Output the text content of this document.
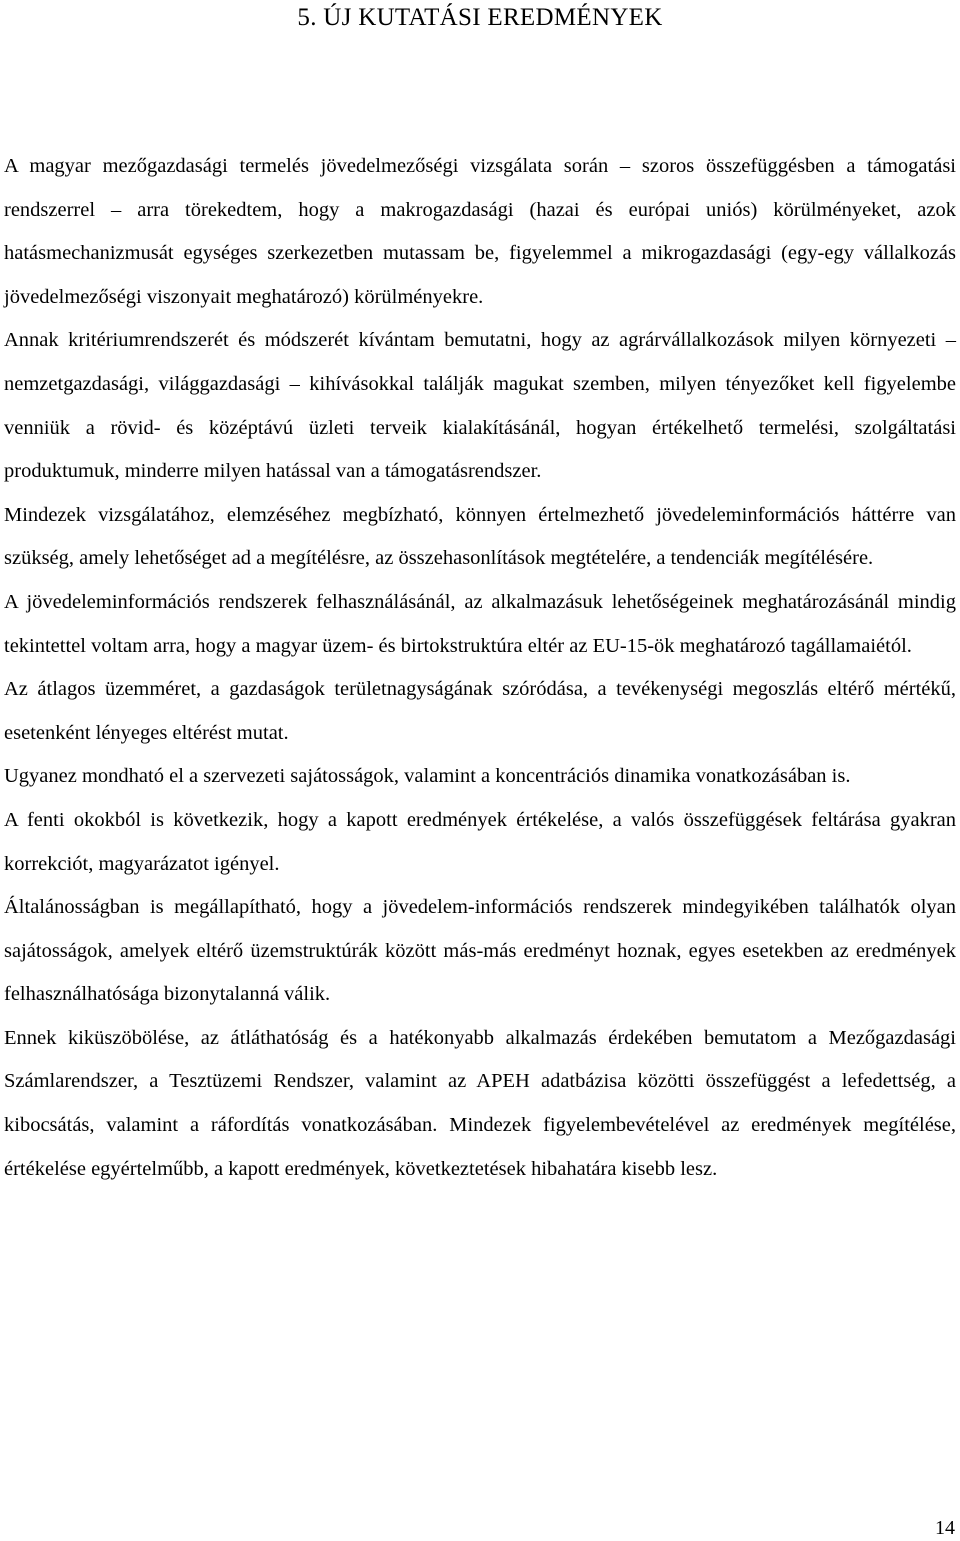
5. ÚJ KUTATÁSI EREDMÉNYEK

A magyar mezőgazdasági termelés jövedelmezőségi vizsgálata során – szoros összefüggésben a támogatási rendszerrel – arra törekedtem, hogy a makrogazdasági (hazai és európai uniós) körülményeket, azok hatásmechanizmusát egységes szerkezetben mutassam be, figyelemmel a mikrogazdasági (egy-egy vállalkozás jövedelmezőségi viszonyait meghatározó) körülményekre.

Annak kritériumrendszerét és módszerét kívántam bemutatni, hogy az agrárvállalkozások milyen környezeti – nemzetgazdasági, világgazdasági – kihívásokkal találják magukat szemben, milyen tényezőket kell figyelembe venniük a rövid- és középtávú üzleti terveik kialakításánál, hogyan értékelhető termelési, szolgáltatási produktumuk, minderre milyen hatással van a támogatásrendszer.

Mindezek vizsgálatához, elemzéséhez megbízható, könnyen értelmezhető jövedeleminformációs háttérre van szükség, amely lehetőséget ad a megítélésre, az összehasonlítások megtételére, a tendenciák megítélésére.

A jövedeleminformációs rendszerek felhasználásánál, az alkalmazásuk lehetőségeinek meghatározásánál mindig tekintettel voltam arra, hogy a magyar üzem- és birtokstruktúra eltér az EU-15-ök meghatározó tagállamaiétól.

Az átlagos üzemméret, a gazdaságok területnagyságának szóródása, a tevékenységi megoszlás eltérő mértékű, esetenként lényeges eltérést mutat.

Ugyanez mondható el a szervezeti sajátosságok, valamint a koncentrációs dinamika vonatkozásában is.

A fenti okokból is következik, hogy a kapott eredmények értékelése, a valós összefüggések feltárása gyakran korrekciót, magyarázatot igényel.

Általánosságban is megállapítható, hogy a jövedelem-információs rendszerek mindegyikében találhatók olyan sajátosságok, amelyek eltérő üzemstruktúrák között más-más eredményt hoznak, egyes esetekben az eredmények felhasználhatósága bizonytalanná válik.

Ennek kiküszöbölése, az átláthatóság és a hatékonyabb alkalmazás érdekében bemutatom a Mezőgazdasági Számlarendszer, a Tesztüzemi Rendszer, valamint az APEH adatbázisa közötti összefüggést a lefedettség, a kibocsátás, valamint a ráfordítás vonatkozásában. Mindezek figyelembevételével az eredmények megítélése, értékelése egyértelműbb, a kapott eredmények, következtetések hibahatára kisebb lesz.

14
